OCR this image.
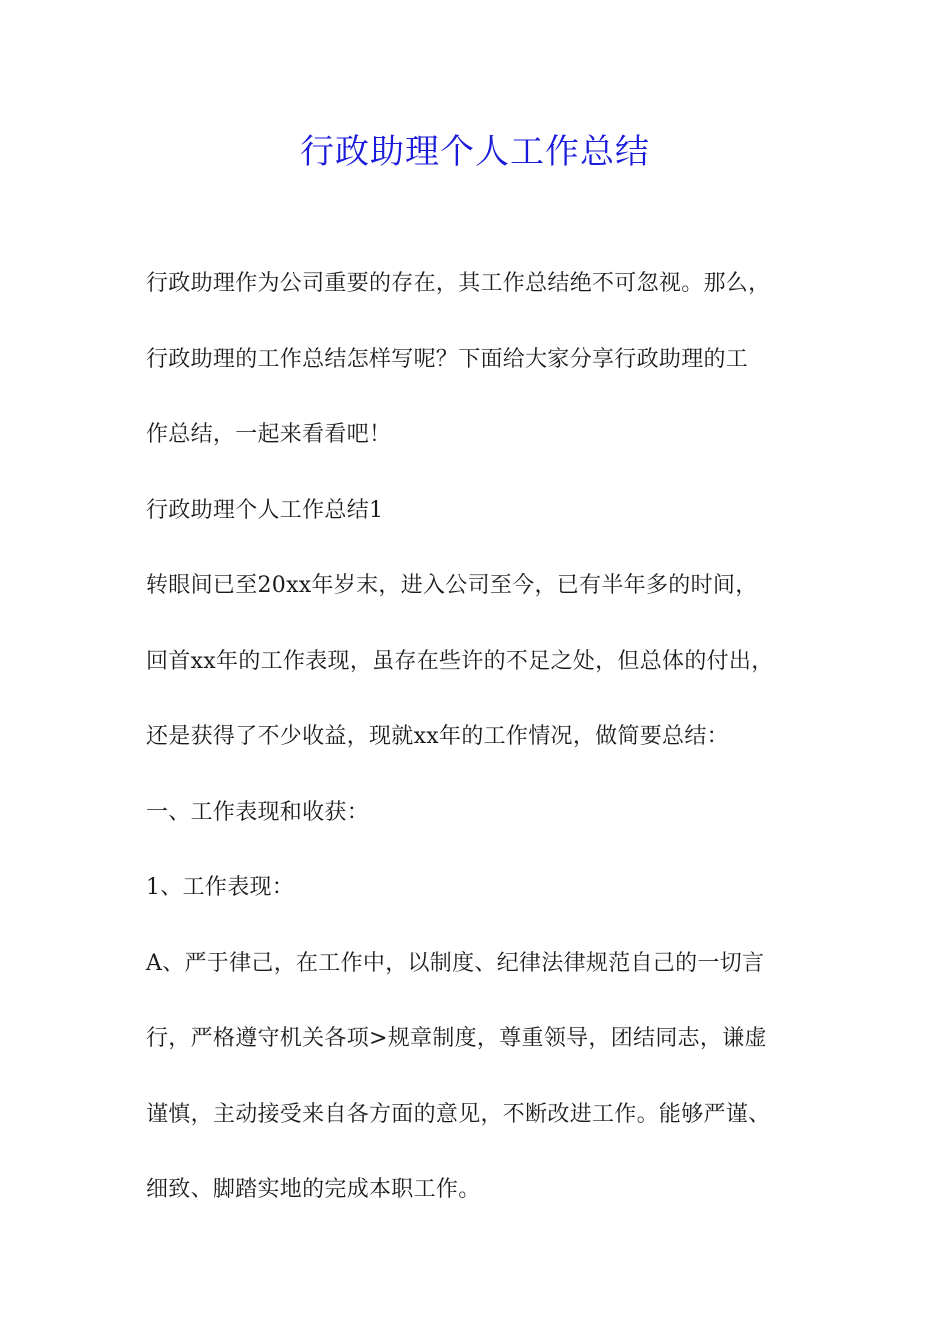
行政助理个人工作总结
行政助理作为公司重要的存在，其工作总结绝不可忽视。那么，
行政助理的工作总结怎样写呢？下面给大家分享行政助理的工
作总结，一起来看看吧！
行政助理个人工作总结1
转眼间已至20xx年岁末，进入公司至今，已有半年多的时间，
回首xx年的工作表现，虽存在些许的不足之处，但总体的付出，
还是获得了不少收益，现就xx年的工作情况，做简要总结：
一、工作表现和收获：
1、工作表现：
A、严于律己，在工作中，以制度、纪律法律规范自己的一切言
行，严格遵守机关各项>规章制度，尊重领导，团结同志，谦虚
谨慎，主动接受来自各方面的意见，不断改进工作。能够严谨、
细致、脚踏实地的完成本职工作。
